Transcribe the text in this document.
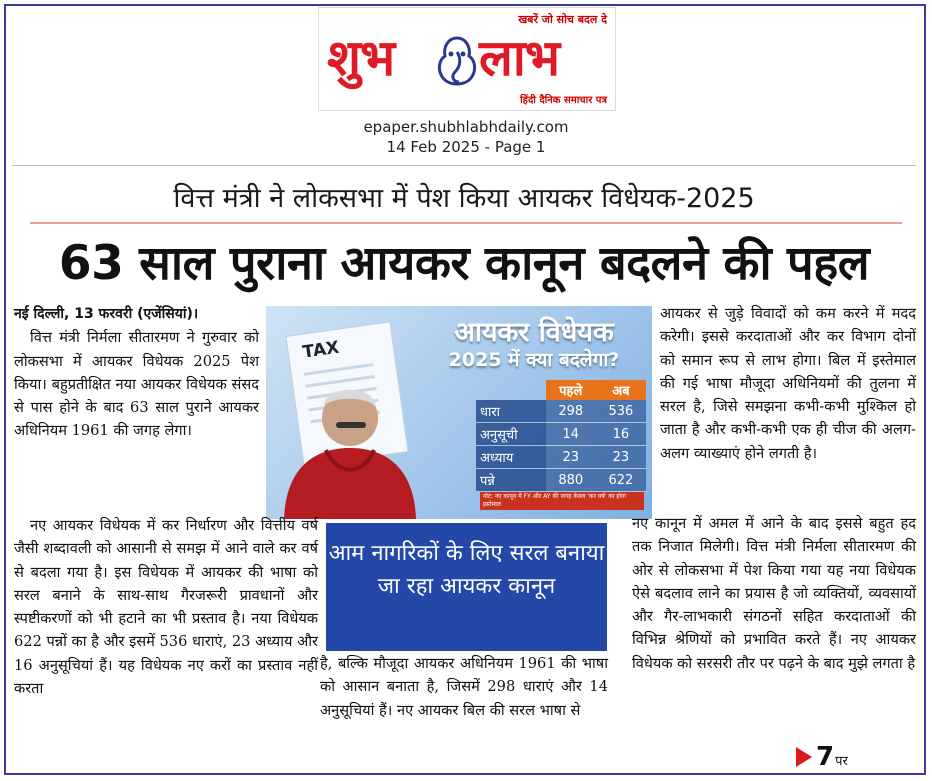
खबरें जो सोच बदल दे
शुभ लाभ
हिंदी दैनिक समाचार पत्र
epaper.shubhlabhdaily.com
14 Feb 2025 - Page 1
वित्त मंत्री ने लोकसभा में पेश किया आयकर विधेयक-2025
63 साल पुराना आयकर कानून बदलने की पहल

नई दिल्ली, 13 फरवरी (एजेंसियां)।

वित्त मंत्री निर्मला सीतारमण ने गुरुवार को लोकसभा में आयकर विधेयक 2025 पेश किया। बहुप्रतीक्षित नया आयकर विधेयक संसद से पास होने के बाद 63 साल पुराने आयकर अधिनियम 1961 की जगह लेगा।

TAX
आयकर विधेयक
2025 में क्या बदलेगा?
	पहले	अब
धारा	298	536
अनुसूची	14	16
अध्याय	23	23
पन्ने	880	622
नोट: नए कानून में FY और AY की जगह केवल 'कर वर्ष' का होगा इस्तेमाल

आयकर से जुड़े विवादों को कम करने में मदद करेगी। इससे करदाताओं और कर विभाग दोनों को समान रूप से लाभ होगा। बिल में इस्तेमाल की गई भाषा मौजूदा अधिनियमों की तुलना में सरल है, जिसे समझना कभी-कभी मुश्किल हो जाता है और कभी-कभी एक ही चीज की अलग-अलग व्याख्याएं होने लगती है।

नए आयकर विधेयक में कर निर्धारण और वित्तीय वर्ष जैसी शब्दावली को आसानी से समझ में आने वाले कर वर्ष से बदला गया है। इस विधेयक में आयकर की भाषा को सरल बनाने के साथ-साथ गैरजरूरी प्रावधानों और स्पष्टीकरणों को भी हटाने का भी प्रस्ताव है। नया विधेयक 622 पन्नों का है और इसमें 536 धाराएं, 23 अध्याय और 16 अनुसूचियां हैं। यह विधेयक नए करों का प्रस्ताव नहीं करता

आम नागरिकों के लिए सरल बनाया जा रहा आयकर कानून

है, बल्कि मौजूदा आयकर अधिनियम 1961 की भाषा को आसान बनाता है, जिसमें 298 धाराएं और 14 अनुसूचियां हैं। नए आयकर बिल की सरल भाषा से

नए कानून में अमल में आने के बाद इससे बहुत हद तक निजात मिलेगी। वित्त मंत्री निर्मला सीतारमण की ओर से लोकसभा में पेश किया गया यह नया विधेयक ऐसे बदलाव लाने का प्रयास है जो व्यक्तियों, व्यवसायों और गैर-लाभकारी संगठनों सहित करदाताओं की विभिन्न श्रेणियों को प्रभावित करते हैं। नए आयकर विधेयक को सरसरी तौर पर पढ़ने के बाद मुझे लगता है

7 पर
